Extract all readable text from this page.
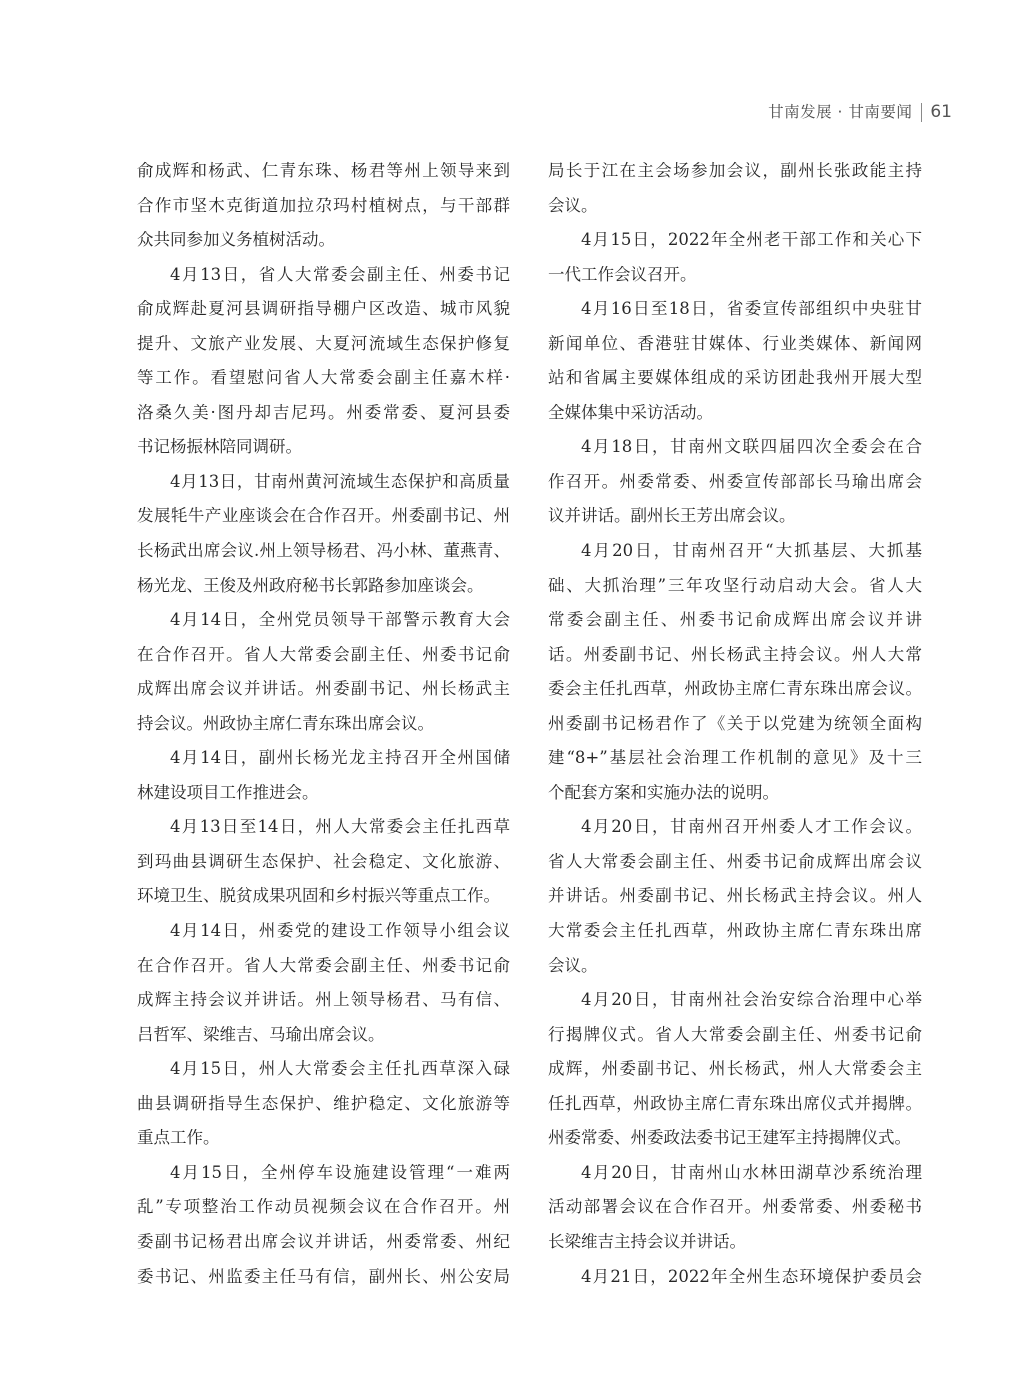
甘南发展 · 甘南要闻 61
俞成辉和杨武、仁青东珠、杨君等州上领导来到
合作市坚木克街道加拉尕玛村植树点，与干部群
众共同参加义务植树活动。
4月13日，省人大常委会副主任、州委书记
俞成辉赴夏河县调研指导棚户区改造、城市风貌
提升、文旅产业发展、大夏河流域生态保护修复
等工作。看望慰问省人大常委会副主任嘉木样·
洛桑久美·图丹却吉尼玛。州委常委、夏河县委
书记杨振林陪同调研。
4月13日，甘南州黄河流域生态保护和高质量
发展牦牛产业座谈会在合作召开。州委副书记、州
长杨武出席会议.州上领导杨君、冯小林、董燕青、
杨光龙、王俊及州政府秘书长郭路参加座谈会。
4月14日，全州党员领导干部警示教育大会
在合作召开。省人大常委会副主任、州委书记俞
成辉出席会议并讲话。州委副书记、州长杨武主
持会议。州政协主席仁青东珠出席会议。
4月14日，副州长杨光龙主持召开全州国储
林建设项目工作推进会。
4月13日至14日，州人大常委会主任扎西草
到玛曲县调研生态保护、社会稳定、文化旅游、
环境卫生、脱贫成果巩固和乡村振兴等重点工作。
4月14日，州委党的建设工作领导小组会议
在合作召开。省人大常委会副主任、州委书记俞
成辉主持会议并讲话。州上领导杨君、马有信、
吕哲军、梁维吉、马瑜出席会议。
4月15日，州人大常委会主任扎西草深入碌
曲县调研指导生态保护、维护稳定、文化旅游等
重点工作。
4月15日，全州停车设施建设管理“一难两
乱”专项整治工作动员视频会议在合作召开。州
委副书记杨君出席会议并讲话，州委常委、州纪
委书记、州监委主任马有信，副州长、州公安局
局长于江在主会场参加会议，副州长张政能主持
会议。
4月15日，2022年全州老干部工作和关心下
一代工作会议召开。
4月16日至18日，省委宣传部组织中央驻甘
新闻单位、香港驻甘媒体、行业类媒体、新闻网
站和省属主要媒体组成的采访团赴我州开展大型
全媒体集中采访活动。
4月18日，甘南州文联四届四次全委会在合
作召开。州委常委、州委宣传部部长马瑜出席会
议并讲话。副州长王芳出席会议。
4月20日，甘南州召开“大抓基层、大抓基
础、大抓治理”三年攻坚行动启动大会。省人大
常委会副主任、州委书记俞成辉出席会议并讲
话。州委副书记、州长杨武主持会议。州人大常
委会主任扎西草，州政协主席仁青东珠出席会议。
州委副书记杨君作了《关于以党建为统领全面构
建“8+”基层社会治理工作机制的意见》及十三
个配套方案和实施办法的说明。
4月20日，甘南州召开州委人才工作会议。
省人大常委会副主任、州委书记俞成辉出席会议
并讲话。州委副书记、州长杨武主持会议。州人
大常委会主任扎西草，州政协主席仁青东珠出席
会议。
4月20日，甘南州社会治安综合治理中心举
行揭牌仪式。省人大常委会副主任、州委书记俞
成辉，州委副书记、州长杨武，州人大常委会主
任扎西草，州政协主席仁青东珠出席仪式并揭牌。
州委常委、州委政法委书记王建军主持揭牌仪式。
4月20日，甘南州山水林田湖草沙系统治理
活动部署会议在合作召开。州委常委、州委秘书
长梁维吉主持会议并讲话。
4月21日，2022年全州生态环境保护委员会
